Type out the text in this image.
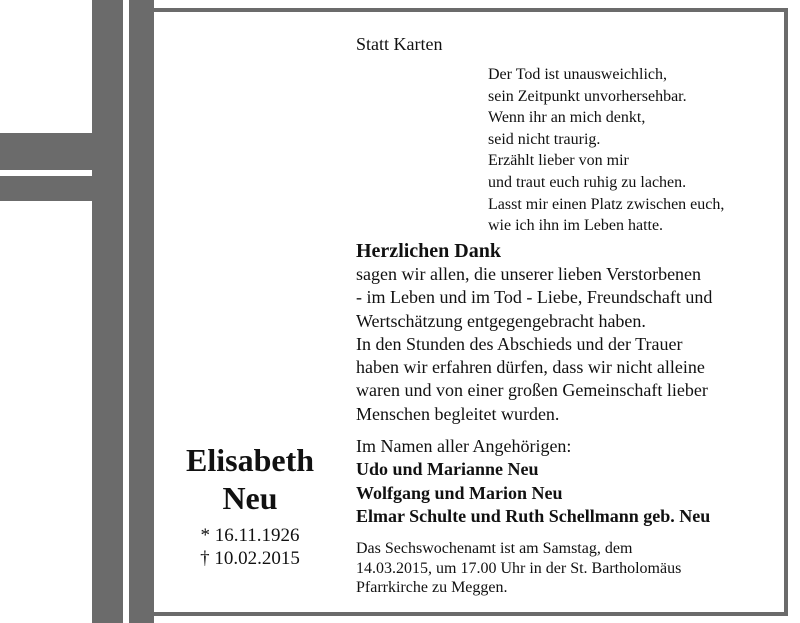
Statt Karten
Der Tod ist unausweichlich,
sein Zeitpunkt unvorhersehbar.
Wenn ihr an mich denkt,
seid nicht traurig.
Erzählt lieber von mir
und traut euch ruhig zu lachen.
Lasst mir einen Platz zwischen euch,
wie ich ihn im Leben hatte.
Herzlichen Dank
sagen wir allen, die unserer lieben Verstorbenen
- im Leben und im Tod - Liebe, Freundschaft und
Wertschätzung entgegengebracht haben.
In den Stunden des Abschieds und der Trauer
haben wir erfahren dürfen, dass wir nicht alleine
waren und von einer großen Gemeinschaft lieber
Menschen begleitet wurden.
Im Namen aller Angehörigen:
Udo und Marianne Neu
Wolfgang und Marion Neu
Elmar Schulte und Ruth Schellmann geb. Neu
Das Sechswochenamt ist am Samstag, dem
14.03.2015, um 17.00 Uhr in der St. Bartholomäus
Pfarrkirche zu Meggen.
Elisabeth
Neu
* 16.11.1926
† 10.02.2015
